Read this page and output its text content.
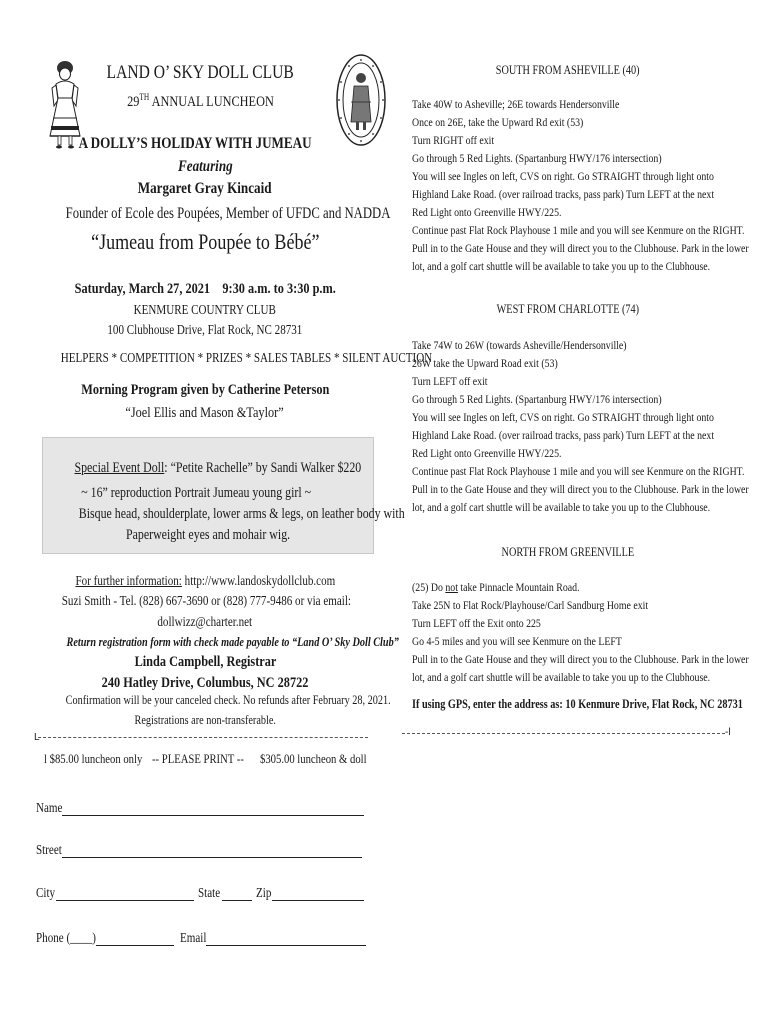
LAND O’ SKY DOLL CLUB
29TH ANNUAL LUNCHEON
A DOLLY’S HOLIDAY WITH JUMEAU
Featuring
Margaret Gray Kincaid
Founder of Ecole des Poupées, Member of UFDC and NADDA
“Jumeau from Poupée to Bébé”
Saturday, March 27, 2021    9:30 a.m. to 3:30 p.m.
KENMURE COUNTRY CLUB
100 Clubhouse Drive, Flat Rock, NC 28731
HELPERS * COMPETITION * PRIZES * SALES TABLES * SILENT AUCTION
Morning Program given by Catherine Peterson
“Joel Ellis and Mason &Taylor”
Special Event Doll: “Petite Rachelle” by Sandi Walker $220
~ 16” reproduction Portrait Jumeau young girl ~
Bisque head, shoulderplate, lower arms & legs, on leather body with
Paperweight eyes and mohair wig.
For further information: http://www.landoskydollclub.com
Suzi Smith - Tel. (828) 667-3690 or (828) 777-9486 or via email:
dollwizz@charter.net
Return registration form with check made payable to “Land O’ Sky Doll Club”
Linda Campbell, Registrar
240 Hatley Drive, Columbus, NC 28722
Confirmation will be your canceled check. No refunds after February 28, 2021.
Registrations are non-transferable.
L
l $85.00 luncheon only -- PLEASE PRINT -- $305.00 luncheon & doll
Name
Street
City	State	Zip
Phone (____)	Email
SOUTH FROM ASHEVILLE (40)
Take 40W to Asheville; 26E towards Hendersonville
Once on 26E, take the Upward Rd exit (53)
Turn RIGHT off exit
Go through 5 Red Lights. (Spartanburg HWY/176 intersection)
You will see Ingles on left, CVS on right. Go STRAIGHT through light onto
Highland Lake Road. (over railroad tracks, pass park) Turn LEFT at the next
Red Light onto Greenville HWY/225.
Continue past Flat Rock Playhouse 1 mile and you will see Kenmure on the RIGHT.
Pull in to the Gate House and they will direct you to the Clubhouse. Park in the lower
lot, and a golf cart shuttle will be available to take you up to the Clubhouse.
WEST FROM CHARLOTTE (74)
Take 74W to 26W (towards Asheville/Hendersonville)
26W take the Upward Road exit (53)
Turn LEFT off exit
Go through 5 Red Lights. (Spartanburg HWY/176 intersection)
You will see Ingles on left, CVS on right. Go STRAIGHT through light onto
Highland Lake Road. (over railroad tracks, pass park) Turn LEFT at the next
Red Light onto Greenville HWY/225.
Continue past Flat Rock Playhouse 1 mile and you will see Kenmure on the RIGHT.
Pull in to the Gate House and they will direct you to the Clubhouse. Park in the lower
lot, and a golf cart shuttle will be available to take you up to the Clubhouse.
NORTH FROM GREENVILLE
(25) Do not take Pinnacle Mountain Road.
Take 25N to Flat Rock/Playhouse/Carl Sandburg Home exit
Turn LEFT off the Exit onto 225
Go 4-5 miles and you will see Kenmure on the LEFT
Pull in to the Gate House and they will direct you to the Clubhouse. Park in the lower
lot, and a golf cart shuttle will be available to take you up to the Clubhouse.
If using GPS, enter the address as: 10 Kenmure Drive, Flat Rock, NC 28731
-l
